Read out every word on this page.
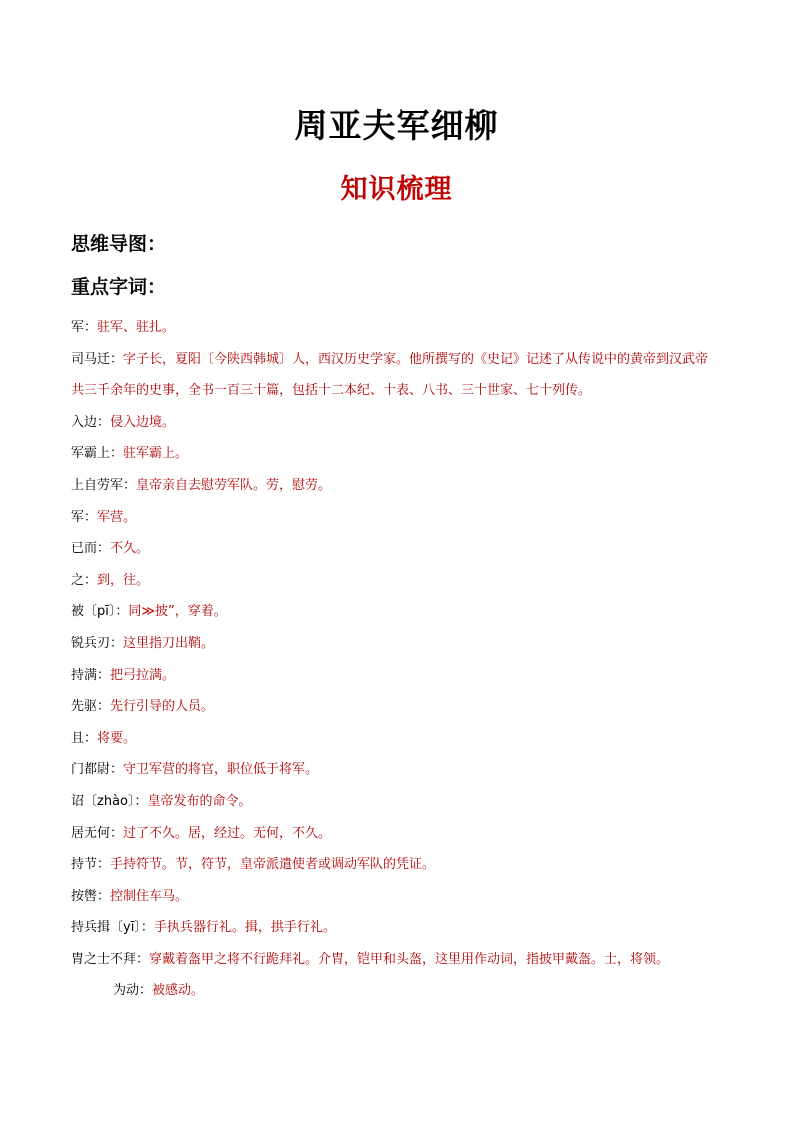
周亚夫军细柳
知识梳理
思维导图：
重点字词：

军：驻军、驻扎。

司马迁：字子长，夏阳〔今陕西韩城〕人，西汉历史学家。他所撰写的《史记》记述了从传说中的黄帝到汉武帝共三千余年的史事，全书一百三十篇，包括十二本纪、十表、八书、三十世家、七十列传。

入边：侵入边境。

军霸上：驻军霸上。

上自劳军：皇帝亲自去慰劳军队。劳，慰劳。

军：军营。

已而：不久。

之：到，往。

被〔pī〕：同≫披”，穿着。

锐兵刃：这里指刀出鞘。

持满：把弓拉满。

先驱：先行引导的人员。

且：将要。

门都尉：守卫军营的将官，职位低于将军。

诏〔zhào〕：皇帝发布的命令。

居无何：过了不久。居，经过。无何，不久。

持节：手持符节。节，符节，皇帝派遣使者或调动军队的凭证。

按辔：控制住车马。

持兵揖〔yī〕：手执兵器行礼。揖，拱手行礼。

胄之士不拜：穿戴着盔甲之将不行跪拜礼。介胄，铠甲和头盔，这里用作动词，指披甲戴盔。士，将领。

为动：被感动。
